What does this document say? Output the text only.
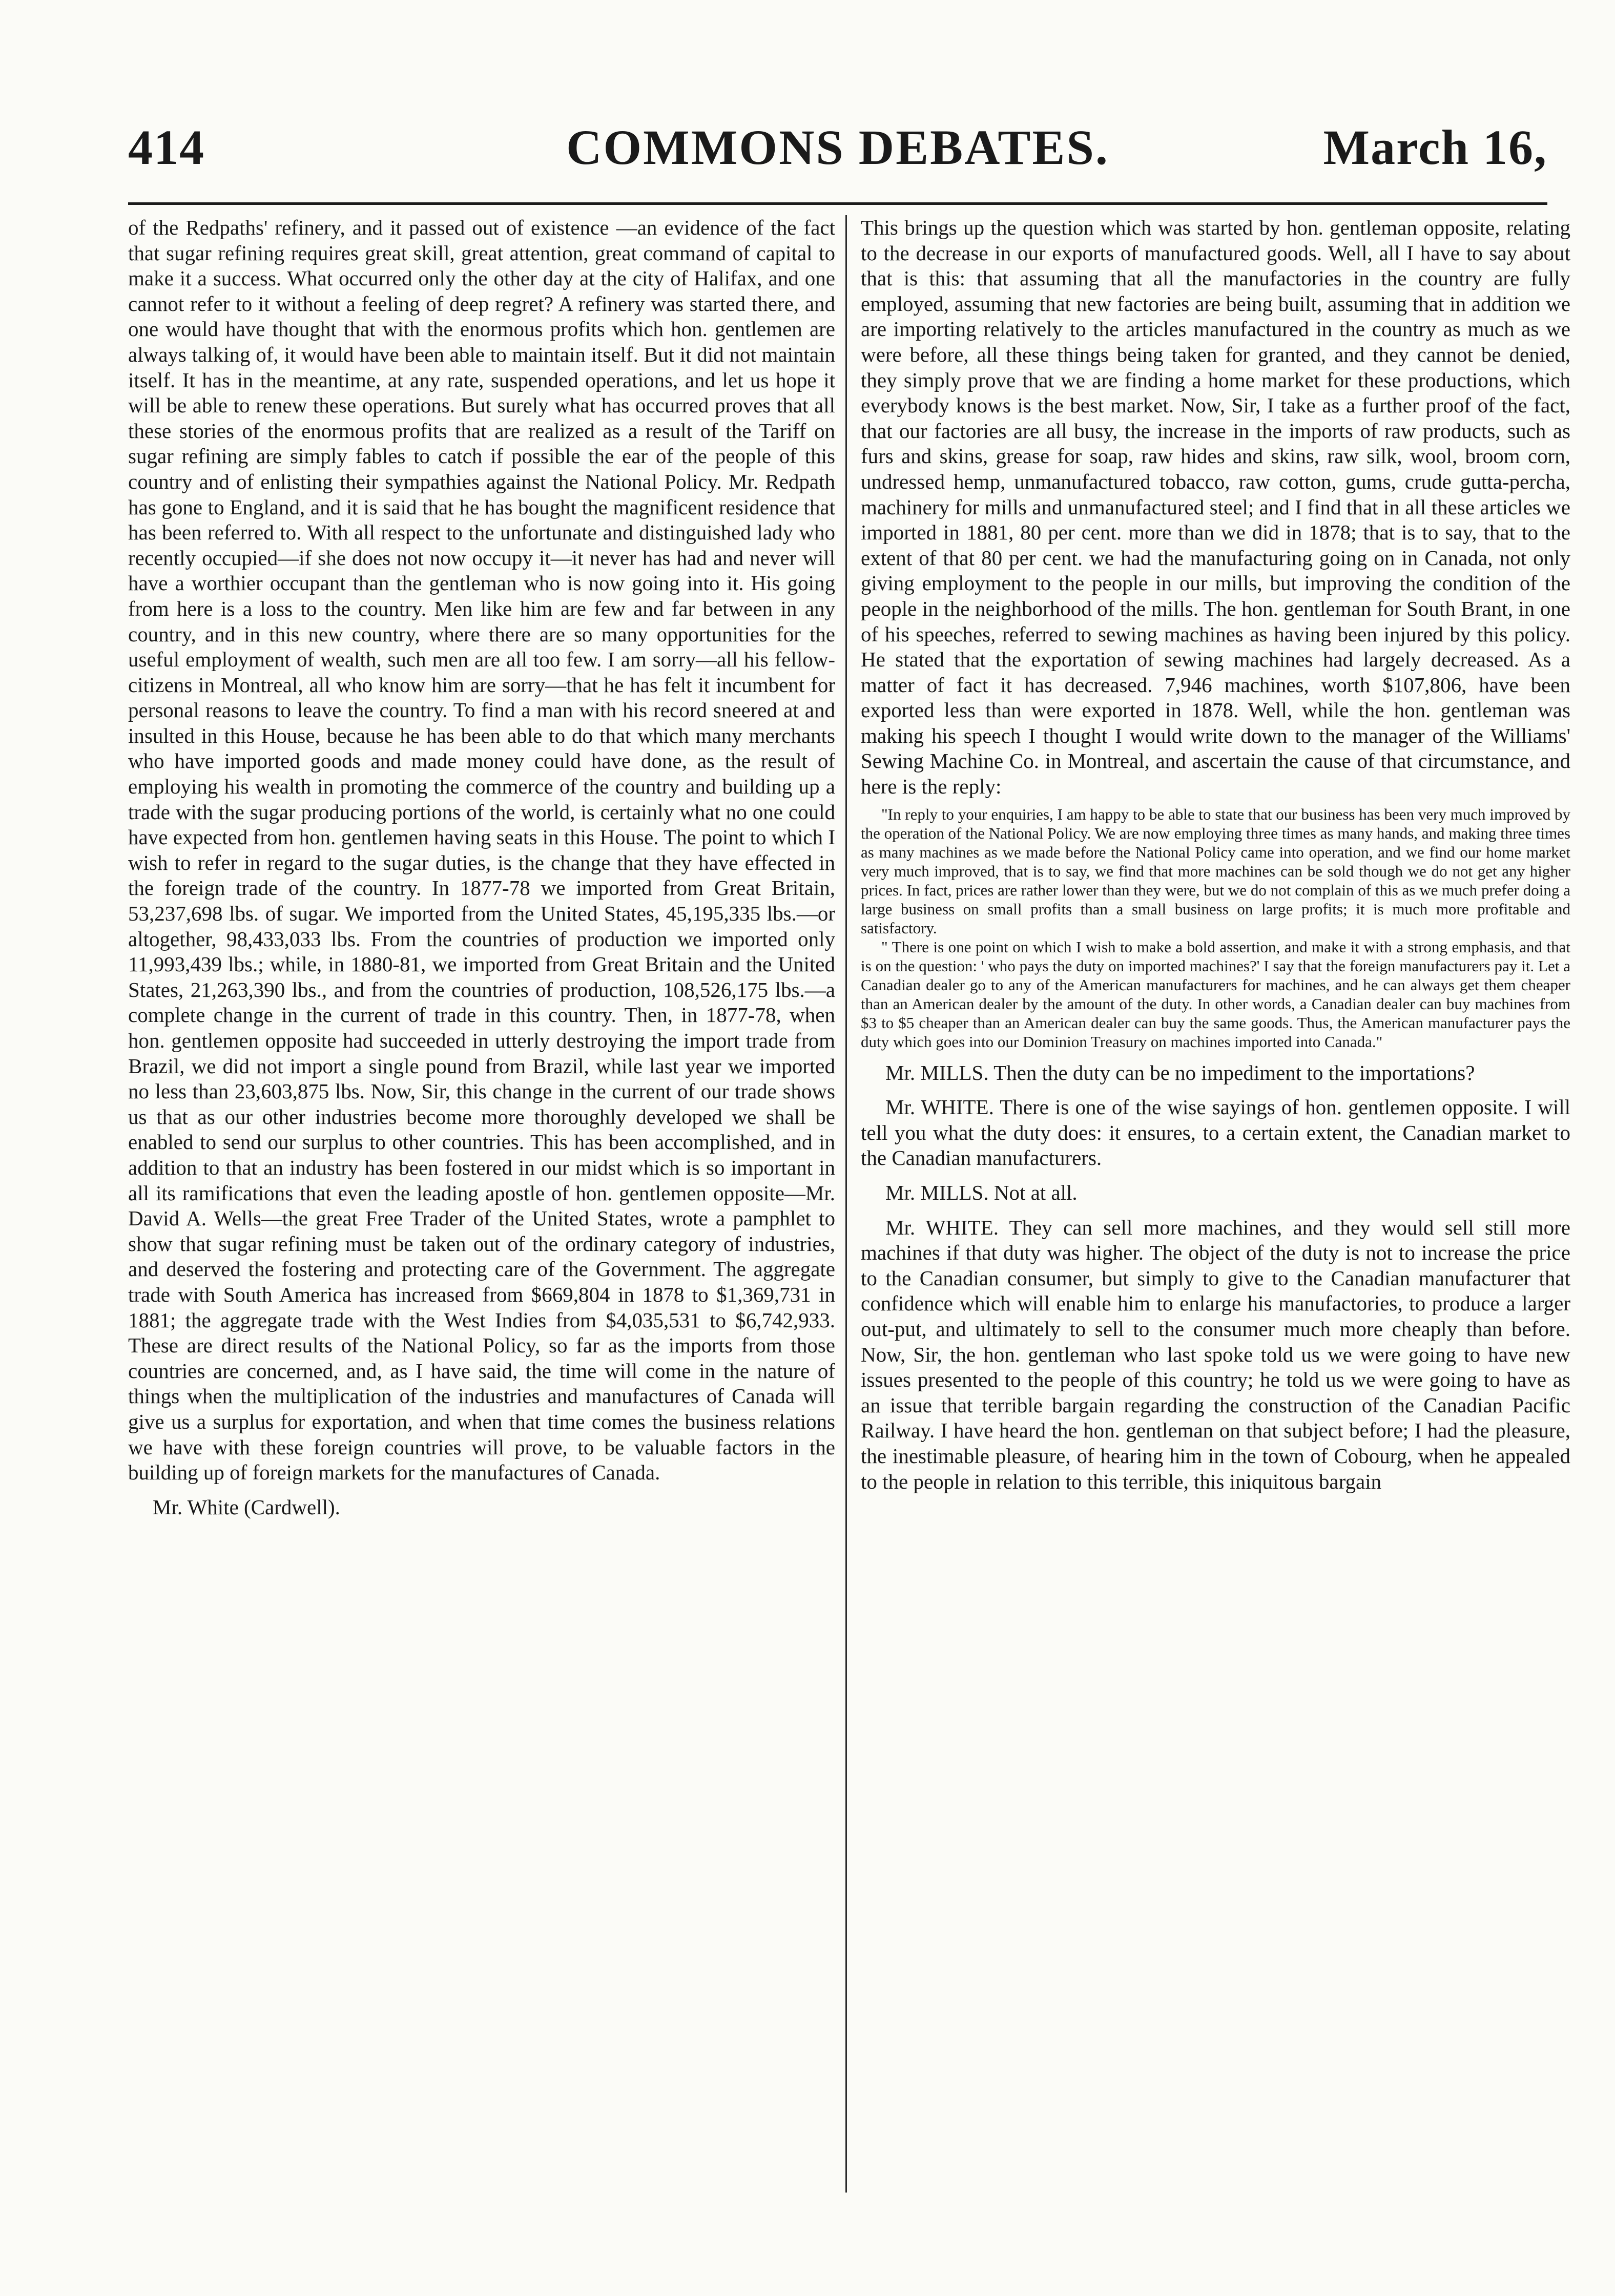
414	COMMONS DEBATES.	March 16,

of the Redpaths' refinery, and it passed out of existence —an evidence of the fact that sugar refining requires great skill, great attention, great command of capital to make it a success. What occurred only the other day at the city of Halifax, and one cannot refer to it without a feeling of deep regret? A refinery was started there, and one would have thought that with the enormous profits which hon. gentlemen are always talking of, it would have been able to maintain itself. But it did not maintain itself. It has in the meantime, at any rate, suspended operations, and let us hope it will be able to renew these operations. But surely what has occurred proves that all these stories of the enormous profits that are realized as a result of the Tariff on sugar refining are simply fables to catch if possible the ear of the people of this country and of enlisting their sympathies against the National Policy. Mr. Redpath has gone to England, and it is said that he has bought the magnificent residence that has been referred to. With all respect to the unfortunate and distinguished lady who recently occupied—if she does not now occupy it—it never has had and never will have a worthier occupant than the gentleman who is now going into it. His going from here is a loss to the country. Men like him are few and far between in any country, and in this new country, where there are so many opportunities for the useful employment of wealth, such men are all too few. I am sorry—all his fellow-citizens in Montreal, all who know him are sorry—that he has felt it incumbent for personal reasons to leave the country. To find a man with his record sneered at and insulted in this House, because he has been able to do that which many merchants who have imported goods and made money could have done, as the result of employing his wealth in promoting the commerce of the country and building up a trade with the sugar producing portions of the world, is certainly what no one could have expected from hon. gentlemen having seats in this House. The point to which I wish to refer in regard to the sugar duties, is the change that they have effected in the foreign trade of the country. In 1877-78 we imported from Great Britain, 53,237,698 lbs. of sugar. We imported from the United States, 45,195,335 lbs.—or altogether, 98,433,033 lbs. From the countries of production we imported only 11,993,439 lbs.; while, in 1880-81, we imported from Great Britain and the United States, 21,263,390 lbs., and from the countries of production, 108,526,175 lbs.—a complete change in the current of trade in this country. Then, in 1877-78, when hon. gentlemen opposite had succeeded in utterly destroying the import trade from Brazil, we did not import a single pound from Brazil, while last year we imported no less than 23,603,875 lbs. Now, Sir, this change in the current of our trade shows us that as our other industries become more thoroughly developed we shall be enabled to send our surplus to other countries. This has been accomplished, and in addition to that an industry has been fostered in our midst which is so important in all its ramifications that even the leading apostle of hon. gentlemen opposite—Mr. David A. Wells—the great Free Trader of the United States, wrote a pamphlet to show that sugar refining must be taken out of the ordinary category of industries, and deserved the fostering and protecting care of the Government. The aggregate trade with South America has increased from $669,804 in 1878 to $1,369,731 in 1881; the aggregate trade with the West Indies from $4,035,531 to $6,742,933. These are direct results of the National Policy, so far as the imports from those countries are concerned, and, as I have said, the time will come in the nature of things when the multiplication of the industries and manufactures of Canada will give us a surplus for exportation, and when that time comes the business relations we have with these foreign countries will prove, to be valuable factors in the building up of foreign markets for the manufactures of Canada.

Mr. White (Cardwell).

This brings up the question which was started by hon. gentleman opposite, relating to the decrease in our exports of manufactured goods. Well, all I have to say about that is this: that assuming that all the manufactories in the country are fully employed, assuming that new factories are being built, assuming that in addition we are importing relatively to the articles manufactured in the country as much as we were before, all these things being taken for granted, and they cannot be denied, they simply prove that we are finding a home market for these productions, which everybody knows is the best market. Now, Sir, I take as a further proof of the fact, that our factories are all busy, the increase in the imports of raw products, such as furs and skins, grease for soap, raw hides and skins, raw silk, wool, broom corn, undressed hemp, unmanufactured tobacco, raw cotton, gums, crude gutta-percha, machinery for mills and unmanufactured steel; and I find that in all these articles we imported in 1881, 80 per cent. more than we did in 1878; that is to say, that to the extent of that 80 per cent. we had the manufacturing going on in Canada, not only giving employment to the people in our mills, but improving the condition of the people in the neighborhood of the mills. The hon. gentleman for South Brant, in one of his speeches, referred to sewing machines as having been injured by this policy. He stated that the exportation of sewing machines had largely decreased. As a matter of fact it has decreased. 7,946 machines, worth $107,806, have been exported less than were exported in 1878. Well, while the hon. gentleman was making his speech I thought I would write down to the manager of the Williams' Sewing Machine Co. in Montreal, and ascertain the cause of that circumstance, and here is the reply:

"In reply to your enquiries, I am happy to be able to state that our business has been very much improved by the operation of the National Policy. We are now employing three times as many hands, and making three times as many machines as we made before the National Policy came into operation, and we find our home market very much improved, that is to say, we find that more machines can be sold though we do not get any higher prices. In fact, prices are rather lower than they were, but we do not complain of this as we much prefer doing a large business on small profits than a small business on large profits; it is much more profitable and satisfactory.

" There is one point on which I wish to make a bold assertion, and make it with a strong emphasis, and that is on the question: ' who pays the duty on imported machines?' I say that the foreign manufacturers pay it. Let a Canadian dealer go to any of the American manufacturers for machines, and he can always get them cheaper than an American dealer by the amount of the duty. In other words, a Canadian dealer can buy machines from $3 to $5 cheaper than an American dealer can buy the same goods. Thus, the American manufacturer pays the duty which goes into our Dominion Treasury on machines imported into Canada."

Mr. MILLS. Then the duty can be no impediment to the importations?

Mr. WHITE. There is one of the wise sayings of hon. gentlemen opposite. I will tell you what the duty does: it ensures, to a certain extent, the Canadian market to the Canadian manufacturers.

Mr. MILLS. Not at all.

Mr. WHITE. They can sell more machines, and they would sell still more machines if that duty was higher. The object of the duty is not to increase the price to the Canadian consumer, but simply to give to the Canadian manufacturer that confidence which will enable him to enlarge his manufactories, to produce a larger out-put, and ultimately to sell to the consumer much more cheaply than before. Now, Sir, the hon. gentleman who last spoke told us we were going to have new issues presented to the people of this country; he told us we were going to have as an issue that terrible bargain regarding the construction of the Canadian Pacific Railway. I have heard the hon. gentleman on that subject before; I had the pleasure, the inestimable pleasure, of hearing him in the town of Cobourg, when he appealed to the people in relation to this terrible, this iniquitous bargain
